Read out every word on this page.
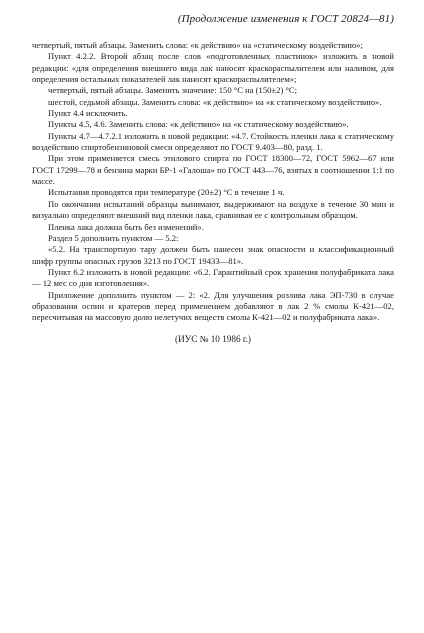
(Продолжение изменения к ГОСТ 20824—81)

четвертый, пятый абзацы. Заменить слова: «к действию» на «статическому воздействию»;

Пункт 4.2.2. Второй абзац после слов «подготовленных пластинок» изложить в новой редакции: «для определения внешнего вида лак наносят краскораспылителем или наливом, для определения остальных показателей лак наносят краскораспылителем»;

четвертый, пятый абзацы. Заменить значение: 150 °С на (150±2) °С;

шестой, седьмой абзацы. Заменить слова: «к действию» на «к статическому воздействию».

Пункт 4.4 исключить.

Пункты 4.5, 4.6. Заменить слова: «к действию» на «к статическому воздействию».

Пункты 4.7—4.7.2.1 изложить в новой редакции: «4.7. Стойкость пленки лака к статическому воздействию спиртобензиновой смеси определяют по ГОСТ 9.403—80, разд. 1.

При этом применяется смесь этилового спирта по ГОСТ 18300—72, ГОСТ 5962—67 или ГОСТ 17299—78 и бензина марки БР-1 «Галоша» по ГОСТ 443—76, взятых в соотношении 1:1 по массе.

Испытания проводятся при температуре (20±2) °С в течение 1 ч.

По окончании испытаний образцы вынимают, выдерживают на воздухе в течение 30 мин и визуально определяют внешний вид пленки лака, сравнивая ее с контрольным образцом.

Пленка лака должна быть без изменений».

Раздел 5 дополнить пунктом — 5.2:

«5.2. На транспортную тару должен быть нанесен знак опасности и классификационный шифр группы опасных грузов 3213 по ГОСТ 19433—81».

Пункт 6.2 изложить в новой редакции: «6.2. Гарантийный срок хранения полуфабриката лака — 12 мес со дня изготовления».

Приложение дополнить пунктом — 2: «2. Для улучшения розлива лака ЭП-730 в случае образования оспин и кратеров перед применением добавляют в лак 2 % смолы К-421—02, пересчитывая на массовую долю нелетучих веществ смолы К-421—02 и полуфабриката лака».

(ИУС № 10 1986 г.)
